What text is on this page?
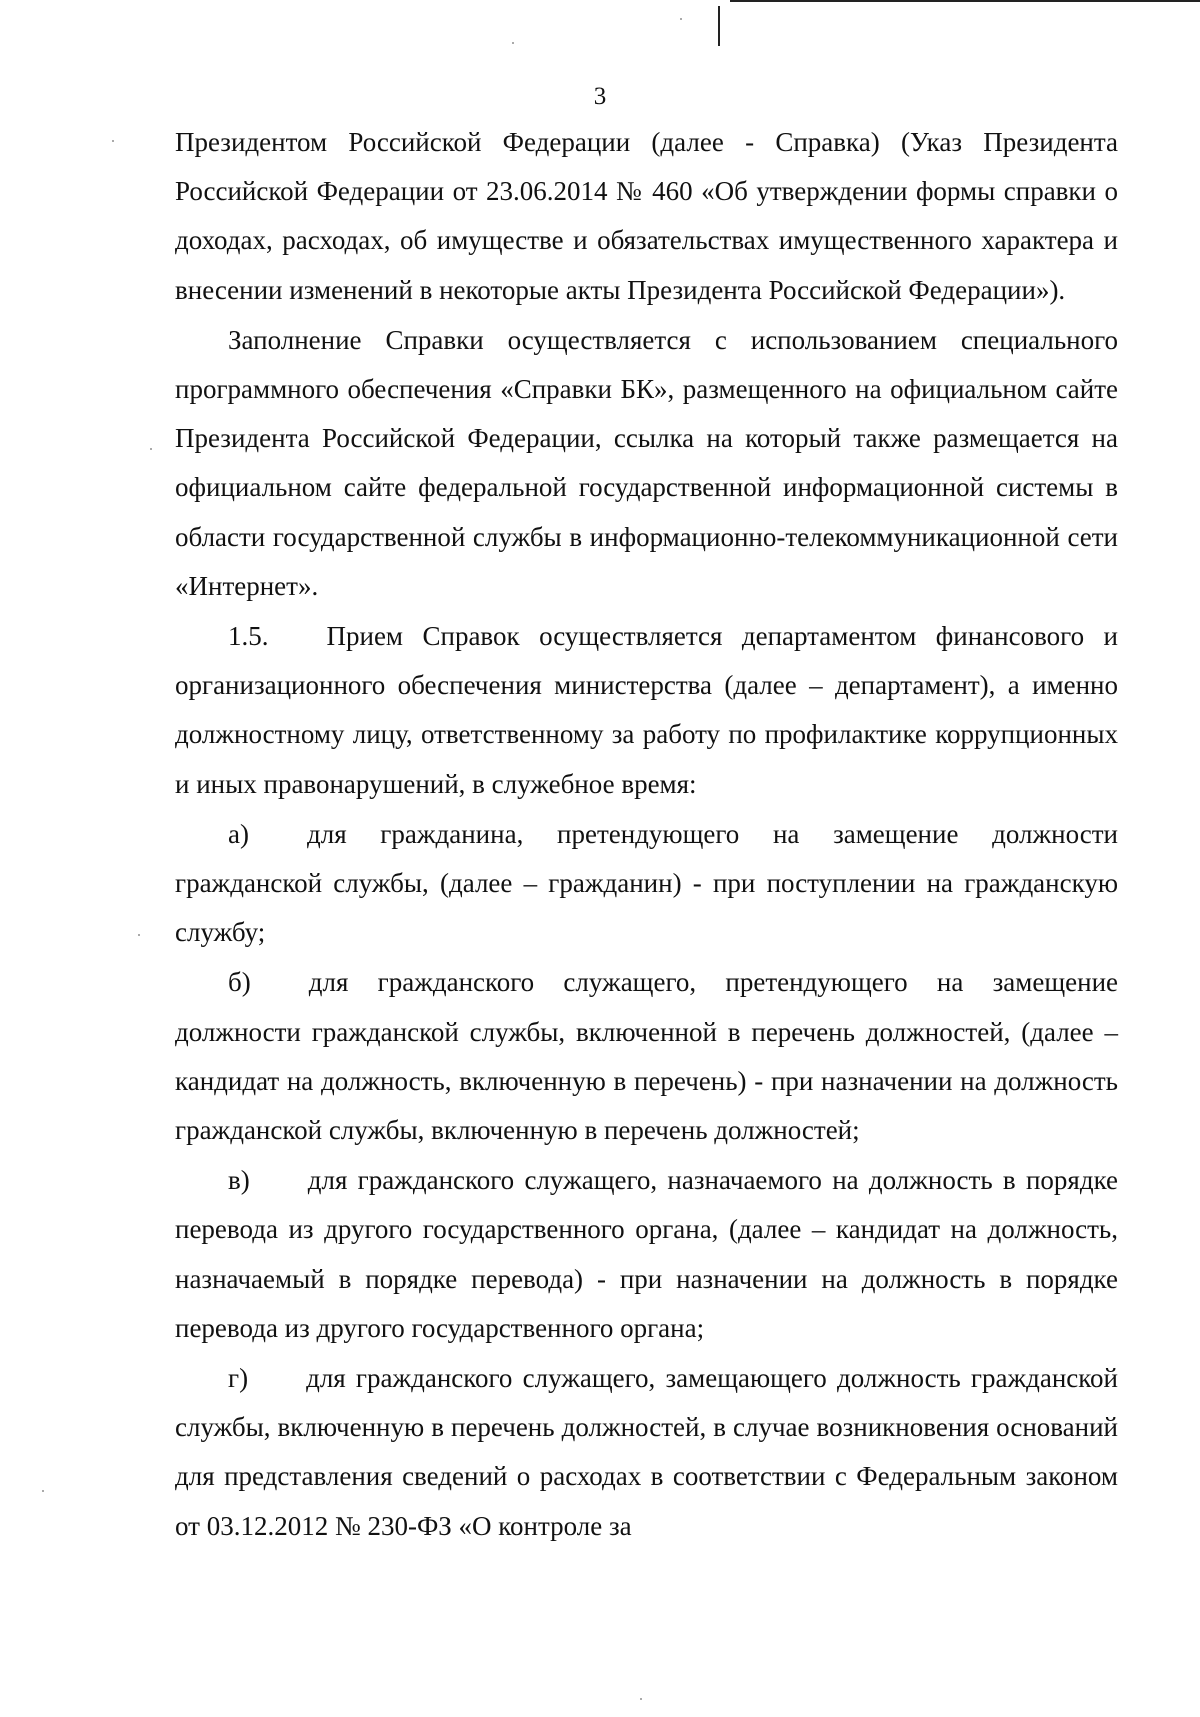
3

Президентом Российской Федерации (далее - Справка) (Указ Президента Российской Федерации от 23.06.2014 № 460 «Об утверждении формы справки о доходах, расходах, об имуществе и обязательствах имущественного характера и внесении изменений в некоторые акты Президента Российской Федерации»).

Заполнение Справки осуществляется с использованием специального программного обеспечения «Справки БК», размещенного на официальном сайте Президента Российской Федерации, ссылка на который также размещается на официальном сайте федеральной государственной информационной системы в области государственной службы в информационно-телекоммуникационной сети «Интернет».

1.5. Прием Справок осуществляется департаментом финансового и организационного обеспечения министерства (далее – департамент), а именно должностному лицу, ответственному за работу по профилактике коррупционных и иных правонарушений, в служебное время:

а) для гражданина, претендующего на замещение должности гражданской службы, (далее – гражданин) - при поступлении на гражданскую службу;

б) для гражданского служащего, претендующего на замещение должности гражданской службы, включенной в перечень должностей, (далее – кандидат на должность, включенную в перечень) - при назначении на должность гражданской службы, включенную в перечень должностей;

в) для гражданского служащего, назначаемого на должность в порядке перевода из другого государственного органа, (далее – кандидат на должность, назначаемый в порядке перевода) - при назначении на должность в порядке перевода из другого государственного органа;

г) для гражданского служащего, замещающего должность гражданской службы, включенную в перечень должностей, в случае возникновения оснований для представления сведений о расходах в соответствии с Федеральным законом от 03.12.2012 № 230-ФЗ «О контроле за
